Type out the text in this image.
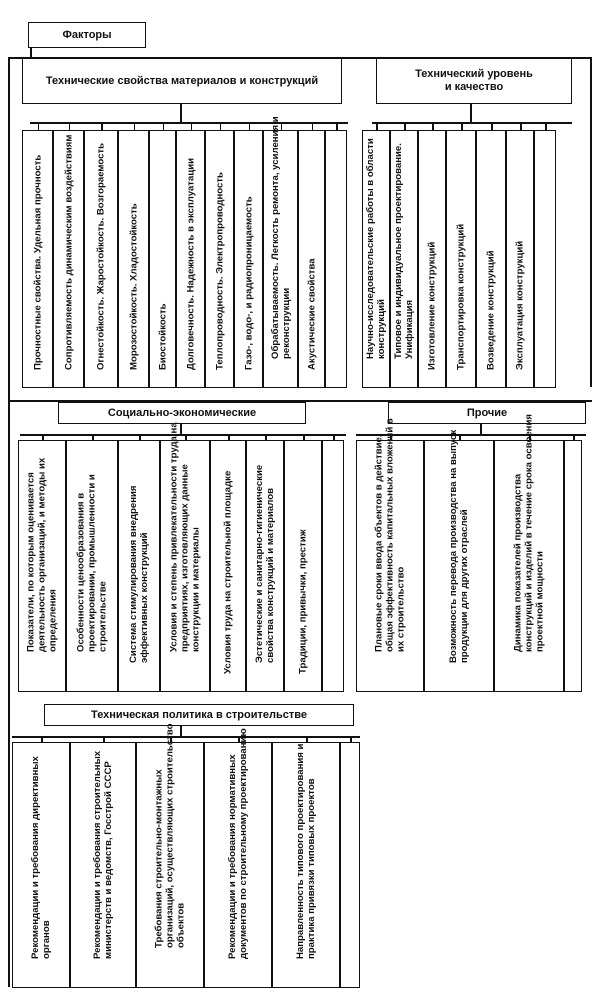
Факторы
Технические свойства материалов и конструкций
Прочностные свойства. Удельная прочность Сопротивляемость динамическим воздействиям Огнестойкость. Жаростойкость. Возгораемость Морозостойкость. Хладостойкость Биостойкость Долговечность. Надежность в эксплуатации Теплопроводность. Электропроводность Газо-, водо-, и радиопроницаемость Обрабатываемость. Легкость ремонта, усиления и реконструкции Акустические свойства
Технический уровень
и качество
Научно-исследовательские работы в области конструкций Типовое и индивидуальное проектирование. Унификация Изготовление конструкций Транспортировка конструкций Возведение конструкций Эксплуатация конструкций
Социально-экономические
Показатели, по которым оценивается деятельность организаций, и методы их определения Особенности ценообразования в проектировании, промышленности и строительстве Система стимулирования внедрения эффективных конструкций Условия и степень привлекательности труда на предприятиях, изготовляющих данные конструкции и материалы Условия труда на строительной площадке Эстетические и санитарно-гигиенические свойства конструкций и материалов Традиции, привычки, престиж
Прочие
Плановые сроки ввода объектов в действие, общая эффективность капитальных вложений в их строительство	Возможность перевода производства на выпуск продукции для других отраслей	Динамика показателей производства конструкций и изделий в течение срока освоения проектной мощности
Техническая политика в строительстве
Рекомендации и требования директивных органов	Рекомендации и требования строительных министерств и ведомств, Госстрой СССР	Требования строительно-монтажных организаций, осуществляющих строительство объектов	Рекомендации и требования нормативных документов по строительному проектированию	Направленность типового проектирования и практика привязки типовых проектов
